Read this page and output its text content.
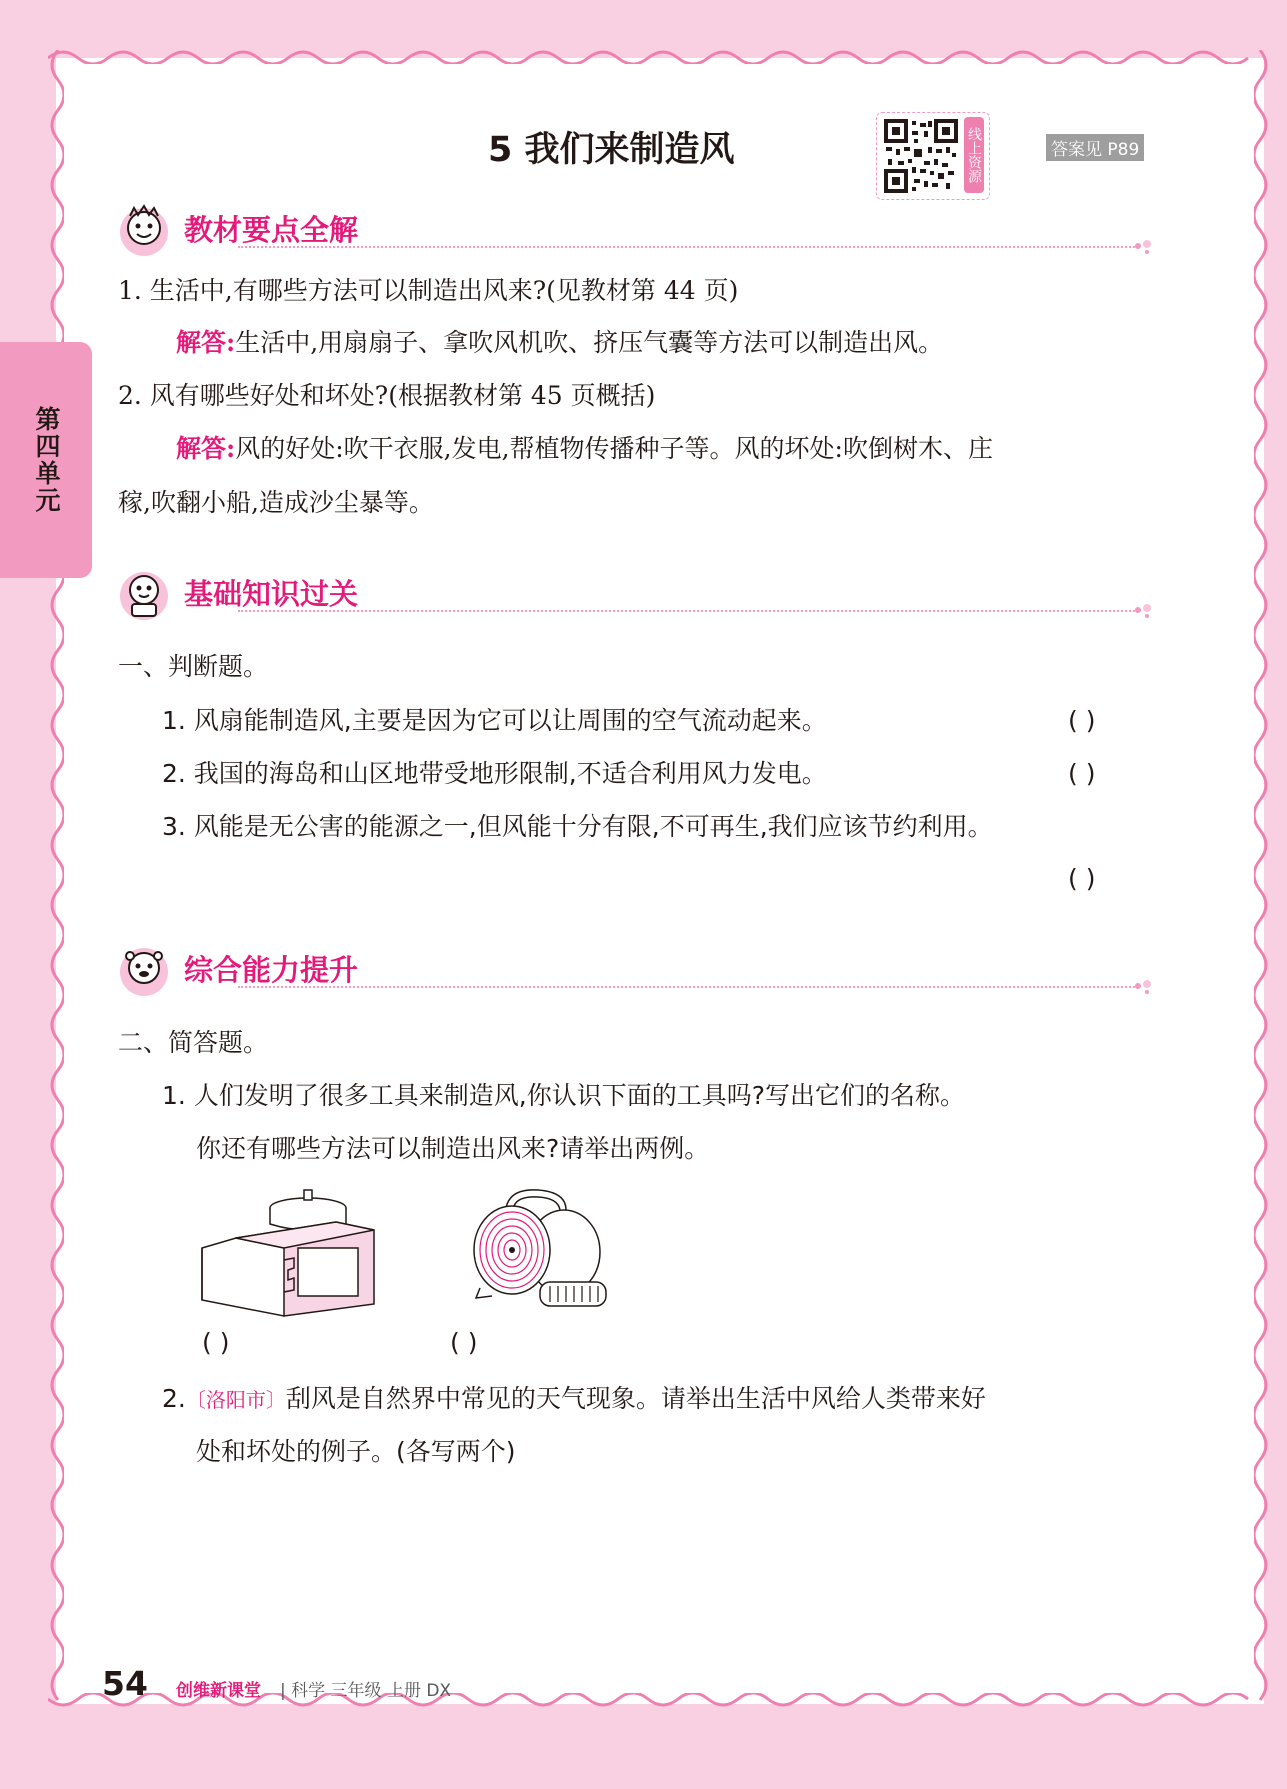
第四单元
5 我们来制造风	线上资源	答案见 P89
教材要点全解
1. 生活中,有哪些方法可以制造出风来?(见教材第 44 页)
解答:生活中,用扇扇子、拿吹风机吹、挤压气囊等方法可以制造出风。
2. 风有哪些好处和坏处?(根据教材第 45 页概括)
解答:风的好处:吹干衣服,发电,帮植物传播种子等。风的坏处:吹倒树木、庄
稼,吹翻小船,造成沙尘暴等。
基础知识过关
一、判断题。
1. 风扇能制造风,主要是因为它可以让周围的空气流动起来。	( )
2. 我国的海岛和山区地带受地形限制,不适合利用风力发电。	( )
3. 风能是无公害的能源之一,但风能十分有限,不可再生,我们应该节约利用。
( )
综合能力提升
二、简答题。
1. 人们发明了很多工具来制造风,你认识下面的工具吗?写出它们的名称。
你还有哪些方法可以制造出风来?请举出两例。
( )	( )
2.〔洛阳市〕刮风是自然界中常见的天气现象。请举出生活中风给人类带来好
处和坏处的例子。(各写两个)
54 创维新课堂 | 科学 三年级 上册 DX
